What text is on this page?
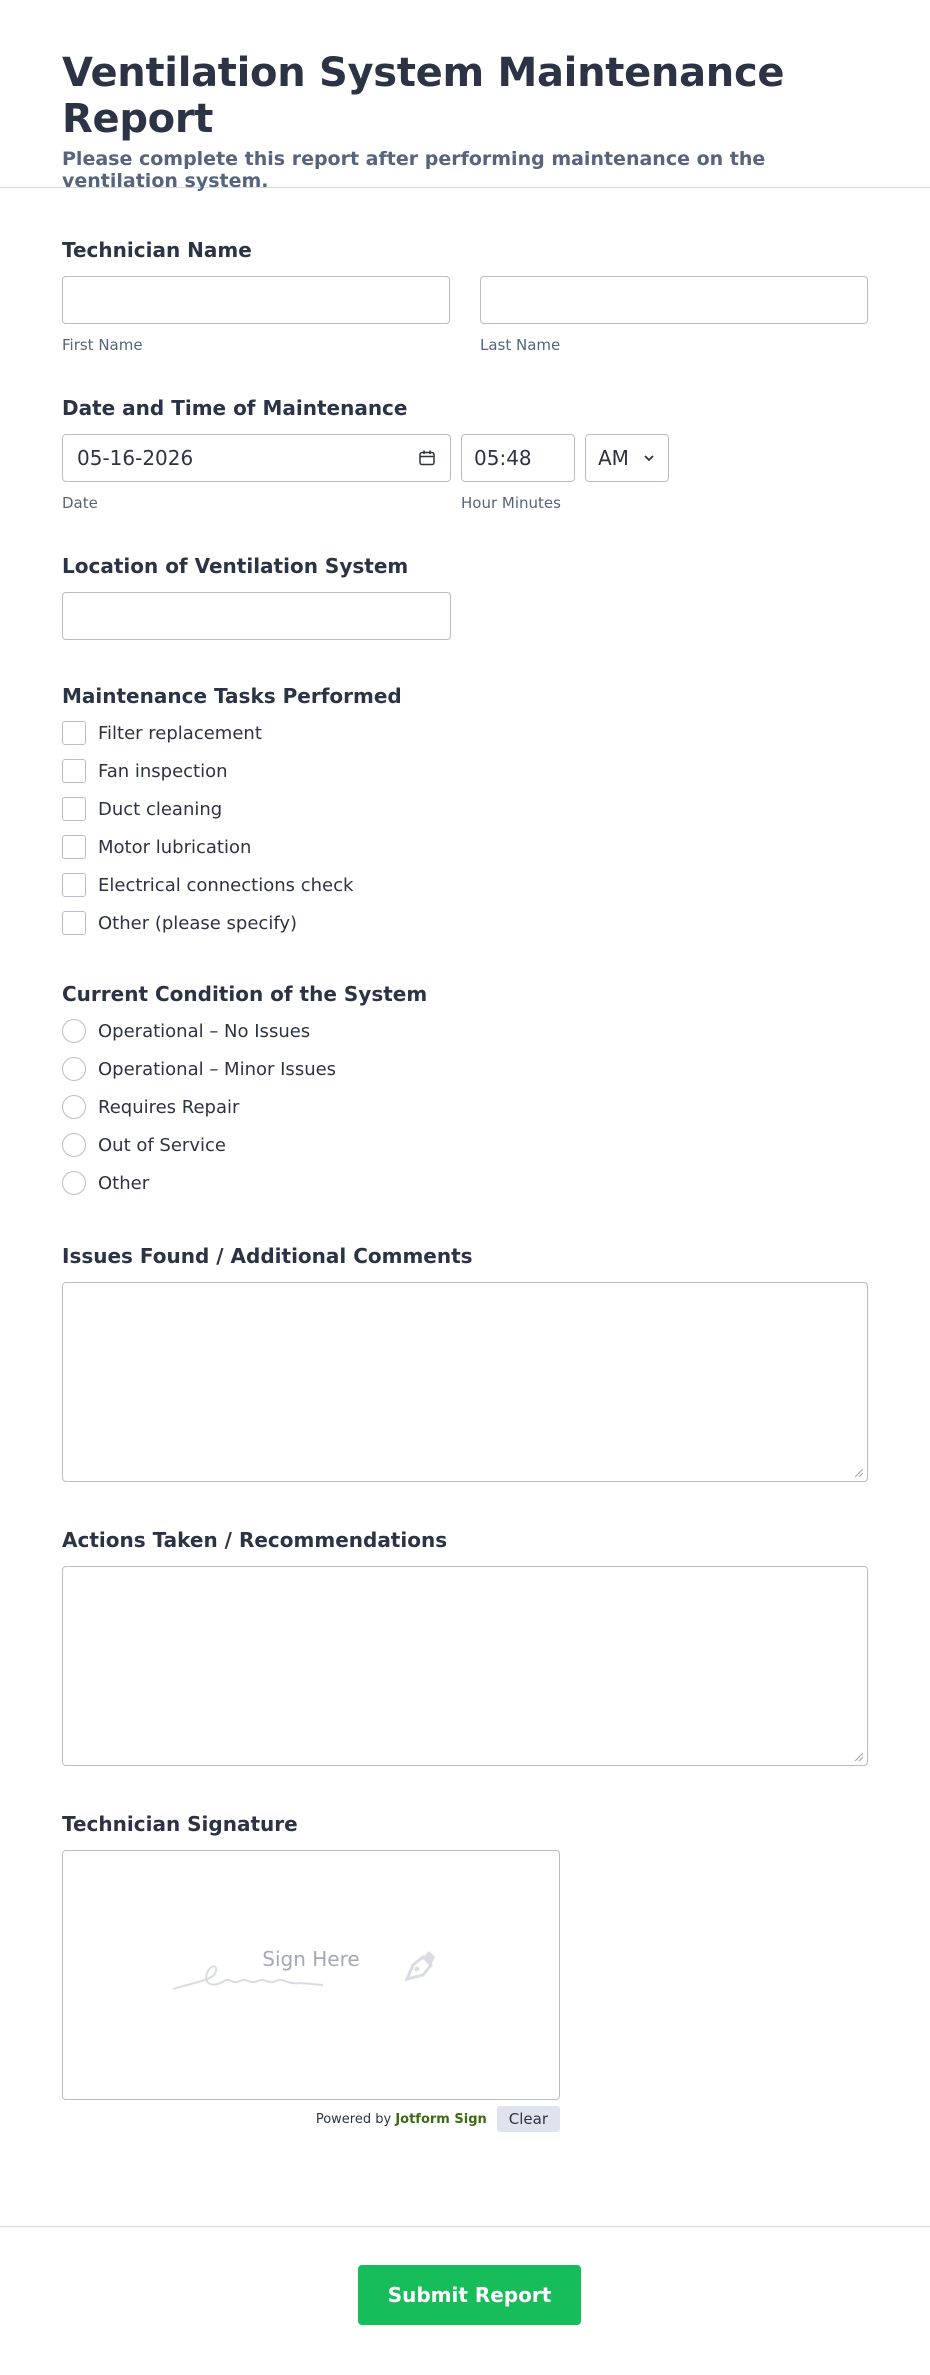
Ventilation System Maintenance Report
Please complete this report after performing maintenance on the ventilation system.
Technician Name
First Name	Last Name
Date and Time of Maintenance
05-16-2026
Date
05:48	AM
Hour Minutes
Location of Ventilation System
Maintenance Tasks Performed
Filter replacement
Fan inspection
Duct cleaning
Motor lubrication
Electrical connections check
Other (please specify)
Current Condition of the System
Operational – No Issues
Operational – Minor Issues
Requires Repair
Out of Service
Other
Issues Found / Additional Comments
Actions Taken / Recommendations
Technician Signature
Sign Here
Powered by Jotform Sign	Clear
Submit Report
